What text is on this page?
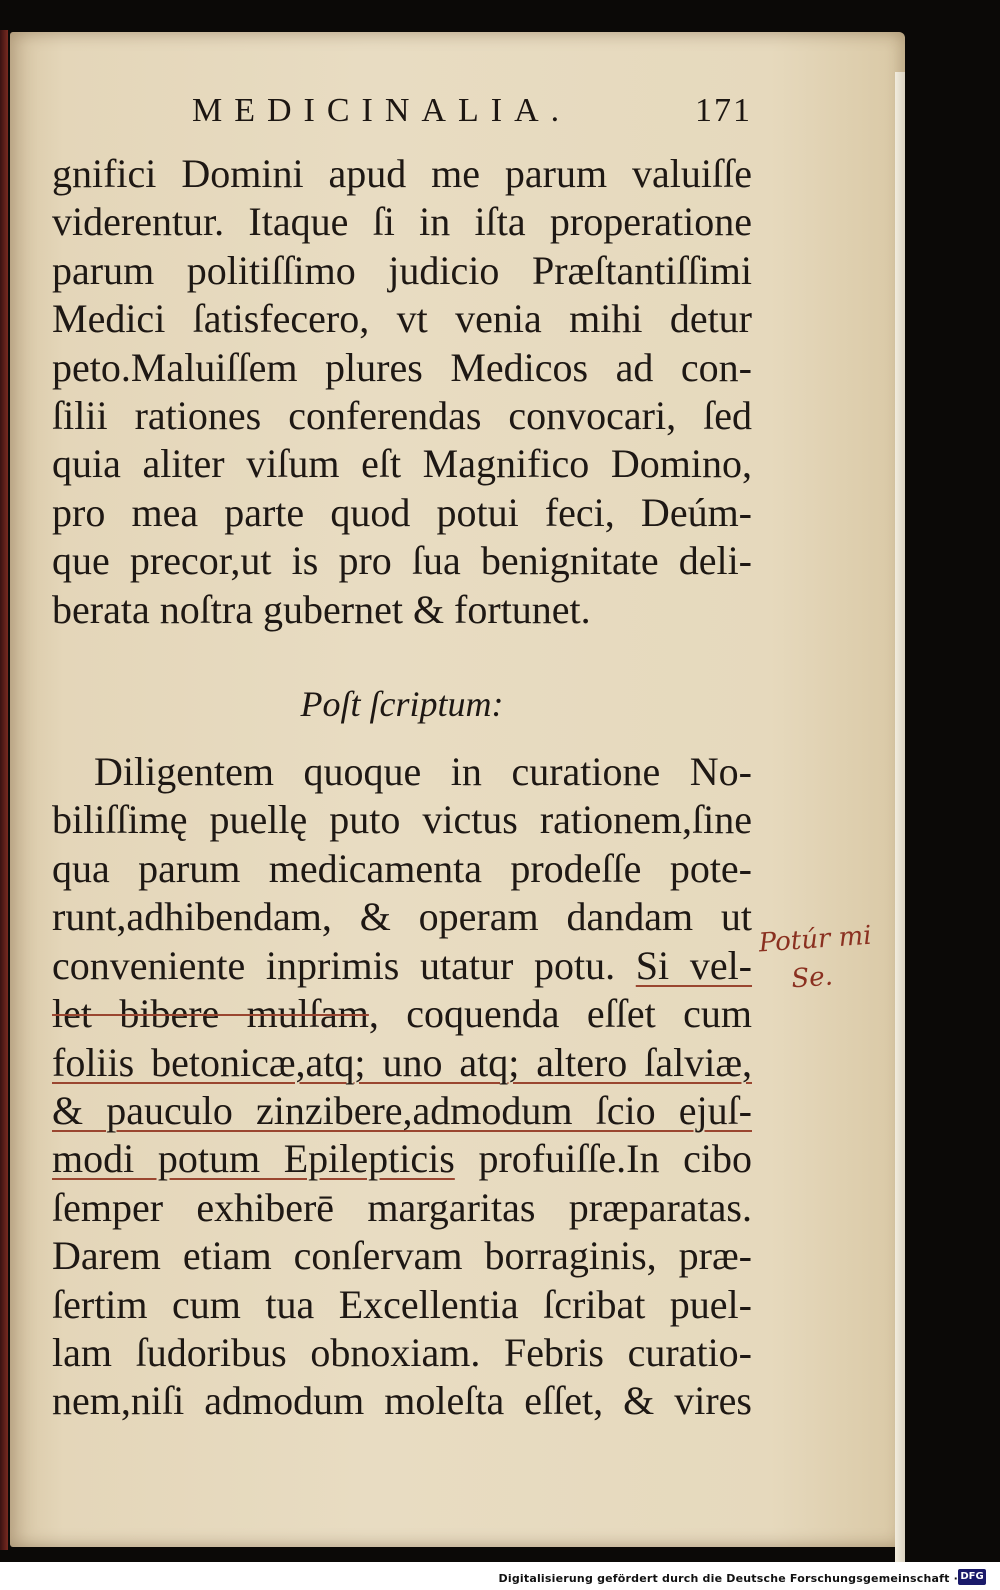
MEDICINALIA.	171
gnifici Domini apud me parum valuiſſe
viderentur. Itaque ſi in iſta properatione
parum politiſſimo judicio Præſtantiſſimi
Medici ſatisfecero, vt venia mihi detur
peto.Maluiſſem plures Medicos ad con-
ſilii rationes conferendas convocari, ſed
quia aliter viſum eſt Magnifico Domino,
pro mea parte quod potui feci, Deúm-
que precor,ut is pro ſua benignitate deli-
berata noſtra gubernet & fortunet.
Poſt ſcriptum:
Diligentem quoque in curatione No-
biliſſimę puellę puto victus rationem,ſine
qua parum medicamenta prodeſſe pote-
runt,adhibendam, & operam dandam ut
conveniente inprimis utatur potu. Si vel-
let bibere mulſam, coquenda eſſet cum
foliis betonicæ,atq; uno atq; altero ſalviæ,
& pauculo zinzibere,admodum ſcio ejuſ-
modi potum Epilepticis profuiſſe.In cibo
ſemper exhiberē margaritas præparatas.
Darem etiam conſervam borraginis, præ-
ſertim cum tua Excellentia ſcribat puel-
lam ſudoribus obnoxiam. Febris curatio-
nem,niſi admodum moleſta eſſet, & vires
Potúr mi
Se.
Digitalisierung gefördert durch die Deutsche Forschungsgemeinschaft · DFG
